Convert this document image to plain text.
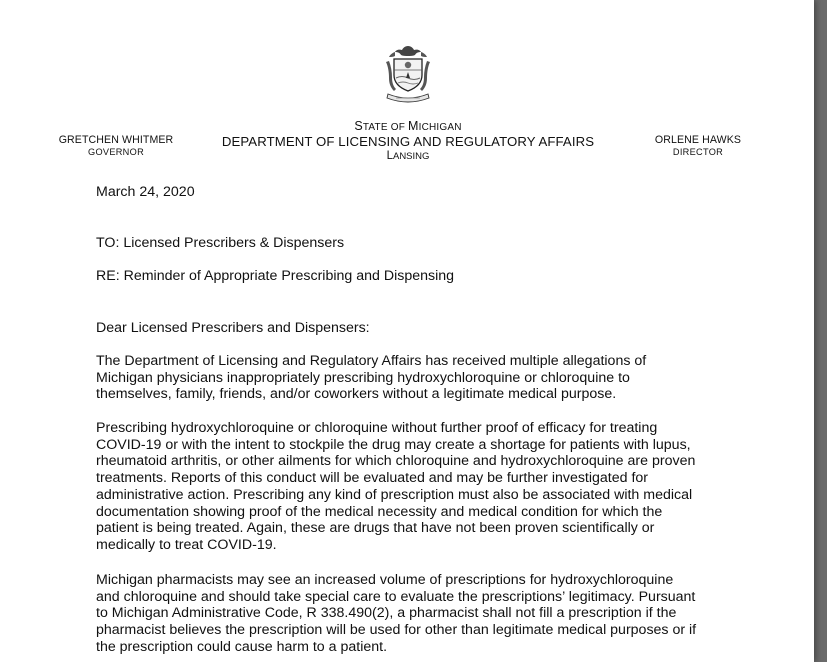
STATE OF MICHIGAN
DEPARTMENT OF LICENSING AND REGULATORY AFFAIRS
LANSING
GRETCHEN WHITMER
GOVERNOR
ORLENE HAWKS
DIRECTOR
March 24, 2020
TO: Licensed Prescribers & Dispensers
RE: Reminder of Appropriate Prescribing and Dispensing
Dear Licensed Prescribers and Dispensers:
The Department of Licensing and Regulatory Affairs has received multiple allegations of
Michigan physicians inappropriately prescribing hydroxychloroquine or chloroquine to
themselves, family, friends, and/or coworkers without a legitimate medical purpose.
Prescribing hydroxychloroquine or chloroquine without further proof of efficacy for treating
COVID-19 or with the intent to stockpile the drug may create a shortage for patients with lupus,
rheumatoid arthritis, or other ailments for which chloroquine and hydroxychloroquine are proven
treatments. Reports of this conduct will be evaluated and may be further investigated for
administrative action. Prescribing any kind of prescription must also be associated with medical
documentation showing proof of the medical necessity and medical condition for which the
patient is being treated. Again, these are drugs that have not been proven scientifically or
medically to treat COVID-19.
Michigan pharmacists may see an increased volume of prescriptions for hydroxychloroquine
and chloroquine and should take special care to evaluate the prescriptions’ legitimacy. Pursuant
to Michigan Administrative Code, R 338.490(2), a pharmacist shall not fill a prescription if the
pharmacist believes the prescription will be used for other than legitimate medical purposes or if
the prescription could cause harm to a patient.
